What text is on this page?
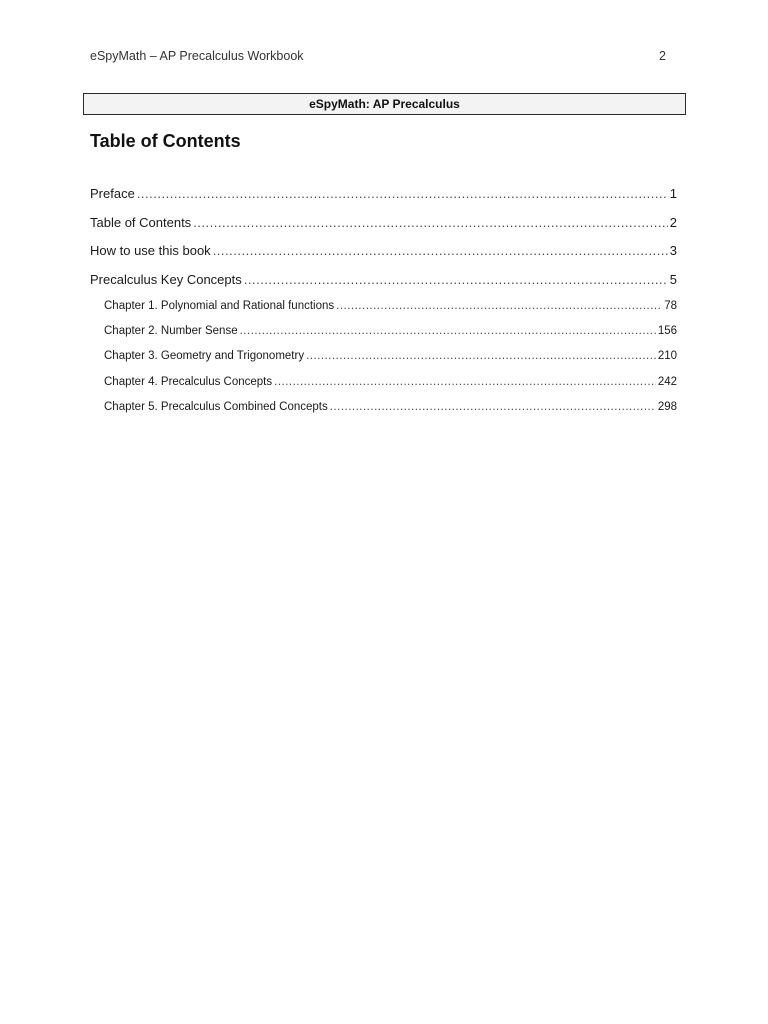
eSpyMath – AP Precalculus Workbook	2
eSpyMath: AP Precalculus
Table of Contents
Preface .....	1
Table of Contents .....	2
How to use this book .....	3
Precalculus Key Concepts .....	5
Chapter 1. Polynomial and Rational functions .....	78
Chapter 2. Number Sense .....	156
Chapter 3. Geometry and Trigonometry .....	210
Chapter 4. Precalculus Concepts .....	242
Chapter 5. Precalculus Combined Concepts .....	298
